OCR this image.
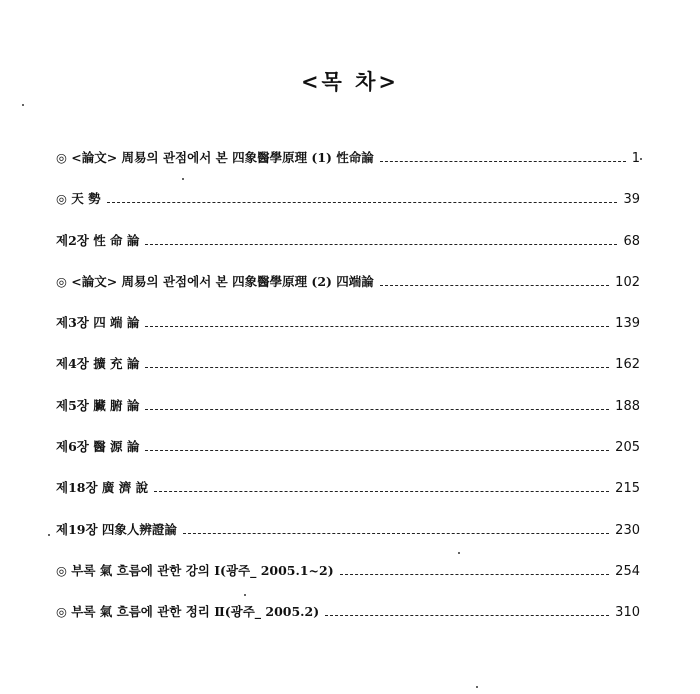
<목 차>
◎ <論文> 周易의 관점에서 본 四象醫學原理 (1) 性命論	1
◎ 天 勢	39
제2장 性 命 論	68
◎ <論文> 周易의 관점에서 본 四象醫學原理 (2) 四端論	102
제3장 四 端 論	139
제4장 擴 充 論	162
제5장 臟 腑 論	188
제6장 醫 源 論	205
제18장 廣 濟 說	215
제19장 四象人辨證論	230
◎ 부록 氣 흐름에 관한 강의 Ⅰ(광주_ 2005.1~2)	254
◎ 부록 氣 흐름에 관한 정리 Ⅱ(광주_ 2005.2)	310
